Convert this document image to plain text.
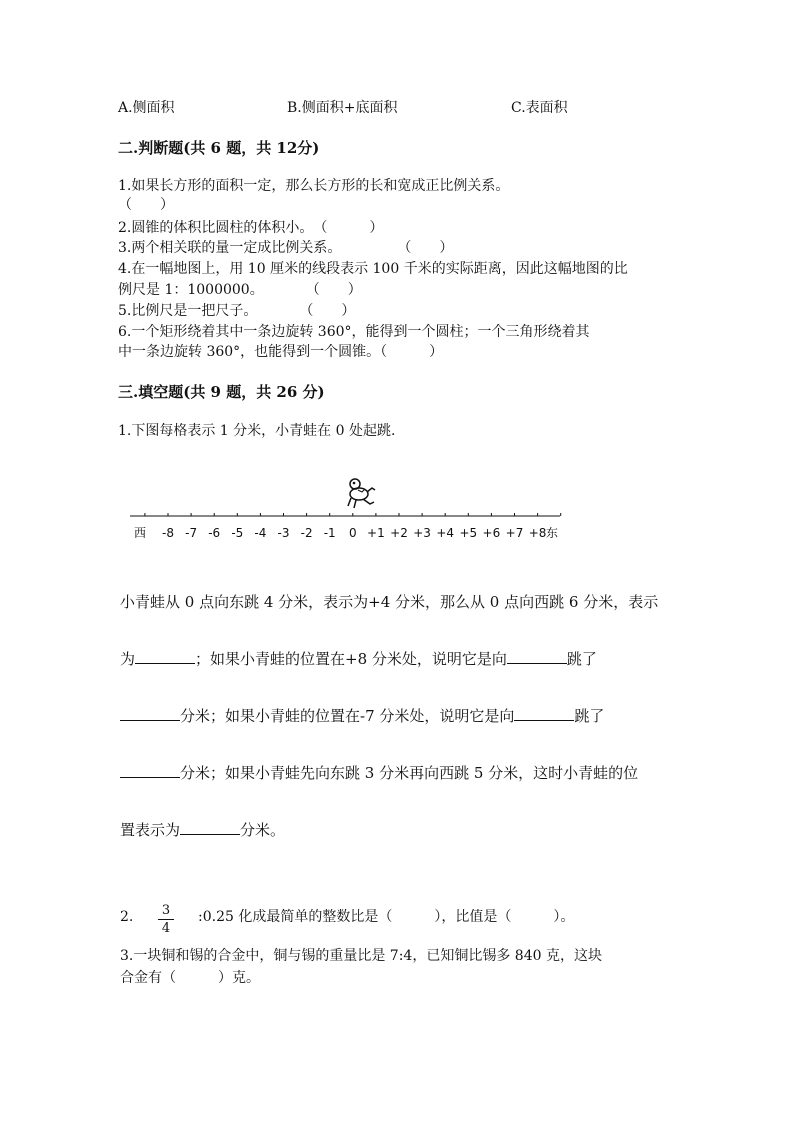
A.侧面积	B.侧面积+底面积	C.表面积
二.判断题(共 6 题，共 12分)
1.如果长方形的面积一定，那么长方形的长和宽成正比例关系。
（　　）
2.圆锥的体积比圆柱的体积小。　（　　　）
3.两个相关联的量一定成比例关系。　　　　　（　　）
4.在一幅地图上，用 10 厘米的线段表示 100 千米的实际距离，因此这幅地图的比
例尺是 1：1000000。　　　　（　　）
5.比例尺是一把尺子。　　　　（　　）
6.一个矩形绕着其中一条边旋转 360°，能得到一个圆柱；一个三角形绕着其
中一条边旋转 360°，也能得到一个圆锥。（　　　）
三.填空题(共 9 题，共 26 分)
1.下图每格表示 1 分米，小青蛙在 0 处起跳.
西 -8 -7 -6 -5 -4 -3 -2 -1 0 +1 +2 +3 +4 +5 +6 +7 +8 东
小青蛙从 0 点向东跳 4 分米，表示为+4 分米，那么从 0 点向西跳 6 分米，表示
为	；如果小青蛙的位置在+8 分米处，说明它是向	跳了
分米；如果小青蛙的位置在-7 分米处，说明它是向	跳了
分米；如果小青蛙先向东跳 3 分米再向西跳 5 分米，这时小青蛙的位
置表示为	分米。
2. 3
4
:0.25 化成最简单的整数比是（　　　），比值是（　　　）。
3.一块铜和锡的合金中，铜与锡的重量比是 7:4，已知铜比锡多 840 克，这块
合金有（　　　）克。
